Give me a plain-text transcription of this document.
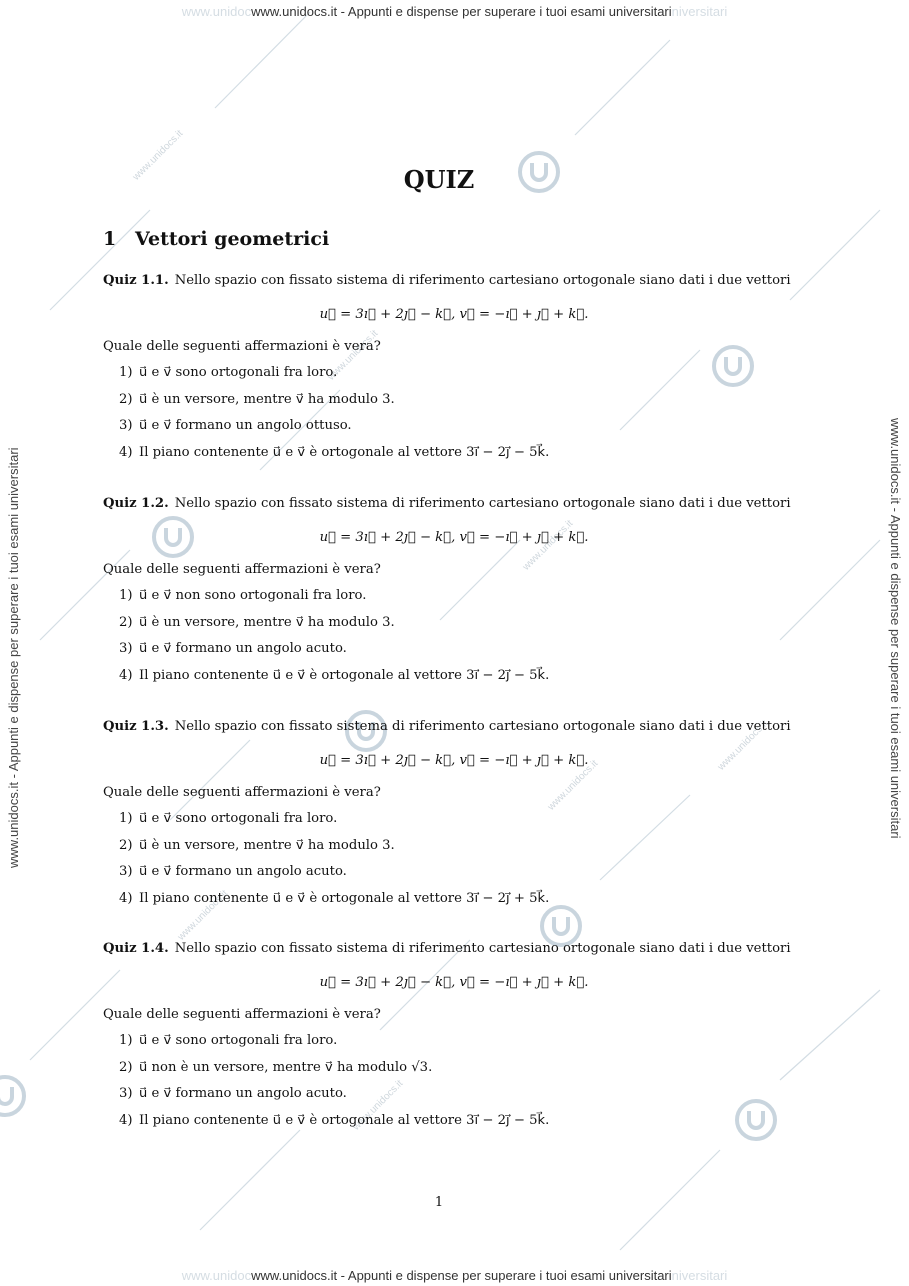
www.unidocs.it
www.unidocs.it
www.unidocs.it
www.unidocs.it
www.unidocs.it
www.unidocs.it
www.unidocs.it
www.unidocwww.unidocs.it - Appunti e dispense per superare i tuoi esami universitariniversitari
www.unidocwww.unidocs.it - Appunti e dispense per superare i tuoi esami universitariniversitari
www.unidocs.it - Appunti e dispense per superare i tuoi esami universitari	www.unidocs.it - Appunti e dispense per superare i tuoi esami universitari
QUIZ
1 Vettori geometrici
Quiz 1.1. Nello spazio con fissato sistema di riferimento cartesiano ortogonale siano dati i due vettori
u⃗ = 3ı⃗ + 2ȷ⃗ − k⃗, v⃗ = −ı⃗ + ȷ⃗ + k⃗.
Quale delle seguenti affermazioni è vera?
1) u⃗ e v⃗ sono ortogonali fra loro.
2) u⃗ è un versore, mentre v⃗ ha modulo 3.
3) u⃗ e v⃗ formano un angolo ottuso.
4) Il piano contenente u⃗ e v⃗ è ortogonale al vettore 3ı⃗ − 2ȷ⃗ − 5k⃗.
Quiz 1.2. Nello spazio con fissato sistema di riferimento cartesiano ortogonale siano dati i due vettori
u⃗ = 3ı⃗ + 2ȷ⃗ − k⃗, v⃗ = −ı⃗ + ȷ⃗ + k⃗.
Quale delle seguenti affermazioni è vera?
1) u⃗ e v⃗ non sono ortogonali fra loro.
2) u⃗ è un versore, mentre v⃗ ha modulo 3.
3) u⃗ e v⃗ formano un angolo acuto.
4) Il piano contenente u⃗ e v⃗ è ortogonale al vettore 3ı⃗ − 2ȷ⃗ − 5k⃗.
Quiz 1.3. Nello spazio con fissato sistema di riferimento cartesiano ortogonale siano dati i due vettori
u⃗ = 3ı⃗ + 2ȷ⃗ − k⃗, v⃗ = −ı⃗ + ȷ⃗ + k⃗.
Quale delle seguenti affermazioni è vera?
1) u⃗ e v⃗ sono ortogonali fra loro.
2) u⃗ è un versore, mentre v⃗ ha modulo 3.
3) u⃗ e v⃗ formano un angolo acuto.
4) Il piano contenente u⃗ e v⃗ è ortogonale al vettore 3ı⃗ − 2ȷ⃗ + 5k⃗.
Quiz 1.4. Nello spazio con fissato sistema di riferimento cartesiano ortogonale siano dati i due vettori
u⃗ = 3ı⃗ + 2ȷ⃗ − k⃗, v⃗ = −ı⃗ + ȷ⃗ + k⃗.
Quale delle seguenti affermazioni è vera?
1) u⃗ e v⃗ sono ortogonali fra loro.
2) u⃗ non è un versore, mentre v⃗ ha modulo √3.
3) u⃗ e v⃗ formano un angolo acuto.
4) Il piano contenente u⃗ e v⃗ è ortogonale al vettore 3ı⃗ − 2ȷ⃗ − 5k⃗.
1
